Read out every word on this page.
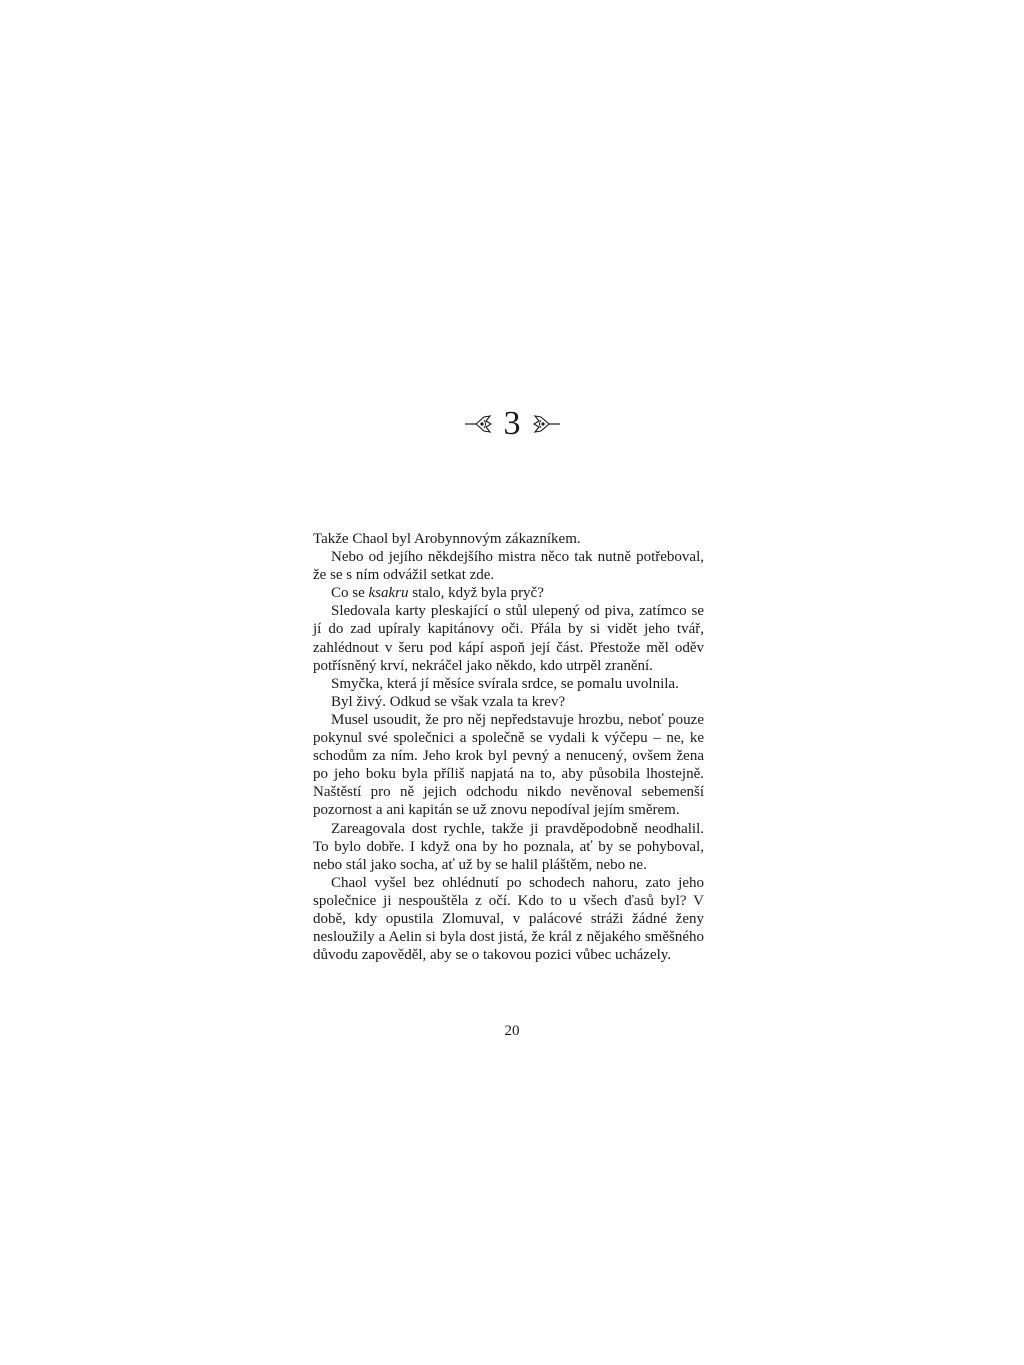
3

Takže Chaol byl Arobynnovým zákazníkem.

Nebo od jejího někdejšího mistra něco tak nutně potřeboval, že se s ním odvážil setkat zde.

Co se ksakru stalo, když byla pryč?

Sledovala karty pleskající o stůl ulepený od piva, zatímco se jí do zad upíraly kapitánovy oči. Přála by si vidět jeho tvář, zahlédnout v šeru pod kápí aspoň její část. Přestože měl oděv potřísněný krví, nekráčel jako někdo, kdo utrpěl zranění.

Smyčka, která jí měsíce svírala srdce, se pomalu uvolnila.

Byl živý. Odkud se však vzala ta krev?

Musel usoudit, že pro něj nepředstavuje hrozbu, neboť pouze pokynul své společnici a společně se vydali k výčepu – ne, ke schodům za ním. Jeho krok byl pevný a nenucený, ovšem žena po jeho boku byla příliš napjatá na to, aby působila lhostejně. Naštěstí pro ně jejich odchodu nikdo nevěnoval sebemenší pozornost a ani kapitán se už znovu nepodíval jejím směrem.

Zareagovala dost rychle, takže ji pravděpodobně neodhalil. To bylo dobře. I když ona by ho poznala, ať by se pohyboval, nebo stál jako socha, ať už by se halil pláštěm, nebo ne.

Chaol vyšel bez ohlédnutí po schodech nahoru, zato jeho společnice ji nespouštěla z očí. Kdo to u všech ďasů byl? V době, kdy opustila Zlomuval, v palácové stráži žádné ženy nesloužily a Aelin si byla dost jistá, že král z nějakého směšného důvodu zapověděl, aby se o takovou pozici vůbec ucházely.

20
